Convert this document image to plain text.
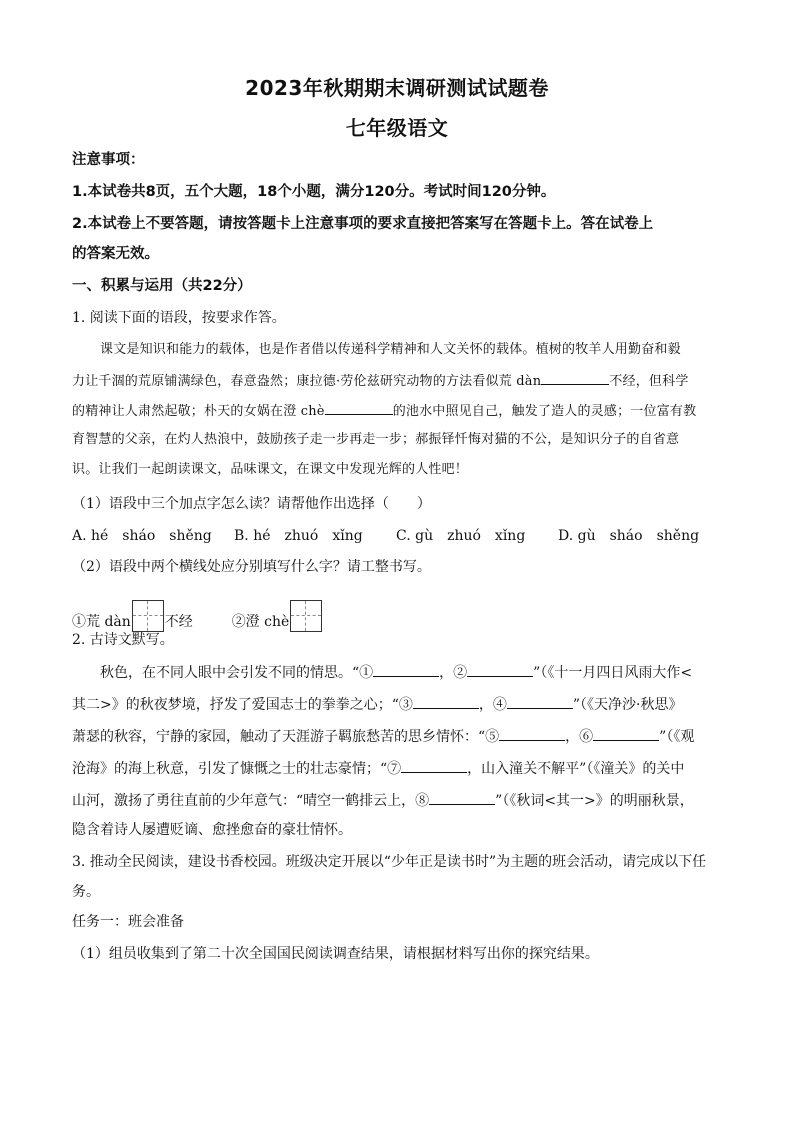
2023年秋期期末调研测试试题卷
七年级语文
注意事项：
1.本试卷共8页，五个大题，18个小题，满分120分。考试时间120分钟。
2.本试卷上不要答题，请按答题卡上注意事项的要求直接把答案写在答题卡上。答在试卷上
的答案无效。
一、积累与运用（共22分）
1. 阅读下面的语段，按要求作答。
课文是知识和能力的载体，也是作者借以传递科学精神和人文关怀的载体。植树的牧羊人用勤奋和毅
力让千涸的荒原铺满绿色，春意盎然；康拉德·劳伦兹研究动物的方法看似荒 dàn	不经，但科学
的精神让人肃然起敬；朴天的女娲在澄 chè	的池水中照见自己，触发了造人的灵感；一位富有教
育智慧的父亲，在灼人热浪中，鼓励孩子走一步再走一步；郝振铎忏悔对猫的不公，是知识分子的自省意
识。让我们一起朗读课文，品味课文，在课文中发现光辉的人性吧！
（1）语段中三个加点字怎么读？请帮他作出选择（　　）
A. hé　sháo　shěng B. hé　zhuó　xǐng C. gù　zhuó　xǐng D. gù　sháo　shěng
（2）语段中两个横线处应分别填写什么字？请工整书写。
①荒 dàn 不经	②澄 chè
2. 古诗文默写。
秋色，在不同人眼中会引发不同的情思。“①	，②	”（《十一月四日风雨大作<
其二>》的秋夜梦境，抒发了爱国志士的拳拳之心；“③	，④	”（《天净沙·秋思》
萧瑟的秋容，宁静的家园，触动了天涯游子羁旅愁苦的思乡情怀：“⑤	，⑥	”（《观
沧海》的海上秋意，引发了慷慨之士的壮志豪情；“⑦	，山入潼关不解平”（《潼关》的关中
山河，激扬了勇往直前的少年意气：“晴空一鹤排云上，⑧	”（《秋词<其一>》的明丽秋景，
隐含着诗人屡遭贬谪、愈挫愈奋的豪壮情怀。
3. 推动全民阅读，建设书香校园。班级决定开展以“少年正是读书时”为主题的班会活动，请完成以下任
务。
任务一：班会准备
（1）组员收集到了第二十次全国国民阅读调查结果，请根据材料写出你的探究结果。
